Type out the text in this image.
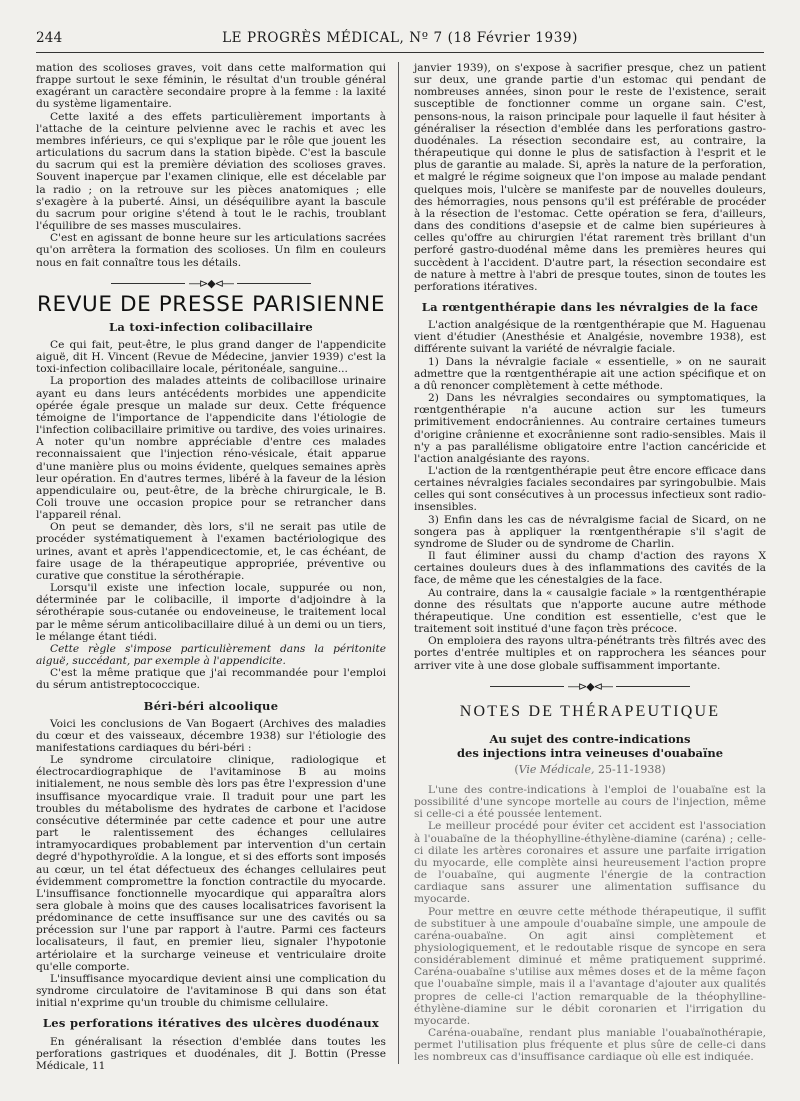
244	LE PROGRÈS MÉDICAL, Nº 7 (18 Février 1939)

mation des scolioses graves, voit dans cette malformation qui frappe surtout le sexe féminin, le résultat d'un trouble général exagérant un caractère secondaire propre à la femme : la laxité du système ligamentaire.

Cette laxité a des effets particulièrement importants à l'attache de la ceinture pelvienne avec le rachis et avec les membres inférieurs, ce qui s'explique par le rôle que jouent les articulations du sacrum dans la station bipède. C'est la bascule du sacrum qui est la première déviation des scolioses graves. Souvent inaperçue par l'examen clinique, elle est décelable par la radio ; on la retrouve sur les pièces anatomiques ; elle s'exagère à la puberté. Ainsi, un déséquilibre ayant la bascule du sacrum pour origine s'étend à tout le le rachis, troublant l'équilibre de ses masses musculaires.

C'est en agissant de bonne heure sur les articulations sacrées qu'on arrêtera la formation des scolioses. Un film en couleurs nous en fait connaître tous les détails.

―⊳◆⊲―
REVUE DE PRESSE PARISIENNE
La toxi-infection colibacillaire

Ce qui fait, peut-être, le plus grand danger de l'appendicite aiguë, dit H. Vincent (Revue de Médecine, janvier 1939) c'est la toxi-infection colibacillaire locale, péritonéale, sanguine...

La proportion des malades atteints de colibacillose urinaire ayant eu dans leurs antécédents morbides une appendicite opérée égale presque un malade sur deux. Cette fréquence témoigne de l'importance de l'appendicite dans l'étiologie de l'infection colibacillaire primitive ou tardive, des voies urinaires. A noter qu'un nombre appréciable d'entre ces malades reconnaissaient que l'injection réno-vésicale, était apparue d'une manière plus ou moins évidente, quelques semaines après leur opération. En d'autres termes, libéré à la faveur de la lésion appendiculaire ou, peut-être, de la brèche chirurgicale, le B. Coli trouve une occasion propice pour se retrancher dans l'appareil rénal.

On peut se demander, dès lors, s'il ne serait pas utile de procéder systématiquement à l'examen bactériologique des urines, avant et après l'appendicectomie, et, le cas échéant, de faire usage de la thérapeutique appropriée, préventive ou curative que constitue la sérothérapie.

Lorsqu'il existe une infection locale, suppurée ou non, déterminée par le colibacille, il importe d'adjoindre à la sérothérapie sous-cutanée ou endoveineuse, le traitement local par le même sérum anticolibacillaire dilué à un demi ou un tiers, le mélange étant tiédi.

Cette règle s'impose particulièrement dans la péritonite aiguë, succédant, par exemple à l'appendicite.

C'est la même pratique que j'ai recommandée pour l'emploi du sérum antistreptococcique.

Béri-béri alcoolique

Voici les conclusions de Van Bogaert (Archives des maladies du cœur et des vaisseaux, décembre 1938) sur l'étiologie des manifestations cardiaques du béri-béri :

Le syndrome circulatoire clinique, radiologique et électrocardiographique de l'avitaminose B au moins initialement, ne nous semble dès lors pas être l'expression d'une insuffisance myocardique vraie. Il traduit pour une part les troubles du métabolisme des hydrates de carbone et l'acidose consécutive déterminée par cette cadence et pour une autre part le ralentissement des échanges cellulaires intramyocardiques probablement par intervention d'un certain degré d'hypothyroïdie. A la longue, et si des efforts sont imposés au cœur, un tel état défectueux des échanges cellulaires peut évidemment compromettre la fonction contractile du myocarde. L'insuffisance fonctionnelle myocardique qui apparaîtra alors sera globale à moins que des causes localisatrices favorisent la prédominance de cette insuffisance sur une des cavités ou sa précession sur l'une par rapport à l'autre. Parmi ces facteurs localisateurs, il faut, en premier lieu, signaler l'hypotonie artériolaire et la surcharge veineuse et ventriculaire droite qu'elle comporte.

L'insuffisance myocardique devient ainsi une complication du syndrome circulatoire de l'avitaminose B qui dans son état initial n'exprime qu'un trouble du chimisme cellulaire.

Les perforations itératives des ulcères duodénaux

En généralisant la résection d'emblée dans toutes les perforations gastriques et duodénales, dit J. Bottin (Presse Médicale, 11

janvier 1939), on s'expose à sacrifier presque, chez un patient sur deux, une grande partie d'un estomac qui pendant de nombreuses années, sinon pour le reste de l'existence, serait susceptible de fonctionner comme un organe sain. C'est, pensons-nous, la raison principale pour laquelle il faut hésiter à généraliser la résection d'emblée dans les perforations gastro-duodénales. La résection secondaire est, au contraire, la thérapeutique qui donne le plus de satisfaction à l'esprit et le plus de garantie au malade. Si, après la nature de la perforation, et malgré le régime soigneux que l'on impose au malade pendant quelques mois, l'ulcère se manifeste par de nouvelles douleurs, des hémorragies, nous pensons qu'il est préférable de procéder à la résection de l'estomac. Cette opération se fera, d'ailleurs, dans des conditions d'asepsie et de calme bien supérieures à celles qu'offre au chirurgien l'état rarement très brillant d'un perforé gastro-duodénal même dans les premières heures qui succèdent à l'accident. D'autre part, la résection secondaire est de nature à mettre à l'abri de presque toutes, sinon de toutes les perforations itératives.

La rœntgenthérapie dans les névralgies de la face

L'action analgésique de la rœntgenthérapie que M. Haguenau vient d'étudier (Anesthésie et Analgésie, novembre 1938), est différente suivant la variété de névralgie faciale.

1) Dans la névralgie faciale « essentielle, » on ne saurait admettre que la rœntgenthérapie ait une action spécifique et on a dû renoncer complètement à cette méthode.

2) Dans les névralgies secondaires ou symptomatiques, la rœntgenthérapie n'a aucune action sur les tumeurs primitivement endocrâniennes. Au contraire certaines tumeurs d'origine crânienne et exocrânienne sont radio-sensibles. Mais il n'y a pas parallélisme obligatoire entre l'action cancéricide et l'action analgésiante des rayons.

L'action de la rœntgenthérapie peut être encore efficace dans certaines névralgies faciales secondaires par syringobulbie. Mais celles qui sont consécutives à un processus infectieux sont radio-insensibles.

3) Enfin dans les cas de névralgisme facial de Sicard, on ne songera pas à appliquer la rœntgenthérapie s'il s'agit de syndrome de Sluder ou de syndrome de Charlin.

Il faut éliminer aussi du champ d'action des rayons X certaines douleurs dues à des inflammations des cavités de la face, de même que les cénestalgies de la face.

Au contraire, dans la « causalgie faciale » la rœntgenthérapie donne des résultats que n'apporte aucune autre méthode thérapeutique. Une condition est essentielle, c'est que le traitement soit institué d'une façon très précoce.

On emploiera des rayons ultra-pénétrants très filtrés avec des portes d'entrée multiples et on rapprochera les séances pour arriver vite à une dose globale suffisamment importante.

―⊳◆⊲―
NOTES DE THÉRAPEUTIQUE
Au sujet des contre-indications
des injections intra veineuses d'ouabaïne
(Vie Médicale, 25-11-1938)

L'une des contre-indications à l'emploi de l'ouabaïne est la possibilité d'une syncope mortelle au cours de l'injection, même si celle-ci a été poussée lentement.

Le meilleur procédé pour éviter cet accident est l'association à l'ouabaïne de la théophylline-éthylène-diamine (caréna) ; celle-ci dilate les artères coronaires et assure une parfaite irrigation du myocarde, elle complète ainsi heureusement l'action propre de l'ouabaïne, qui augmente l'énergie de la contraction cardiaque sans assurer une alimentation suffisance du myocarde.

Pour mettre en œuvre cette méthode thérapeutique, il suffit de substituer à une ampoule d'ouabaïne simple, une ampoule de caréna-ouabaïne. On agit ainsi complètement et physiologiquement, et le redoutable risque de syncope en sera considérablement diminué et même pratiquement supprimé. Caréna-ouabaïne s'utilise aux mêmes doses et de la même façon que l'ouabaïne simple, mais il a l'avantage d'ajouter aux qualités propres de celle-ci l'action remarquable de la théophylline-éthylène-diamine sur le débit coronarien et l'irrigation du myocarde.

Caréna-ouabaïne, rendant plus maniable l'ouabaïnothérapie, permet l'utilisation plus fréquente et plus sûre de celle-ci dans les nombreux cas d'insuffisance cardiaque où elle est indiquée.
